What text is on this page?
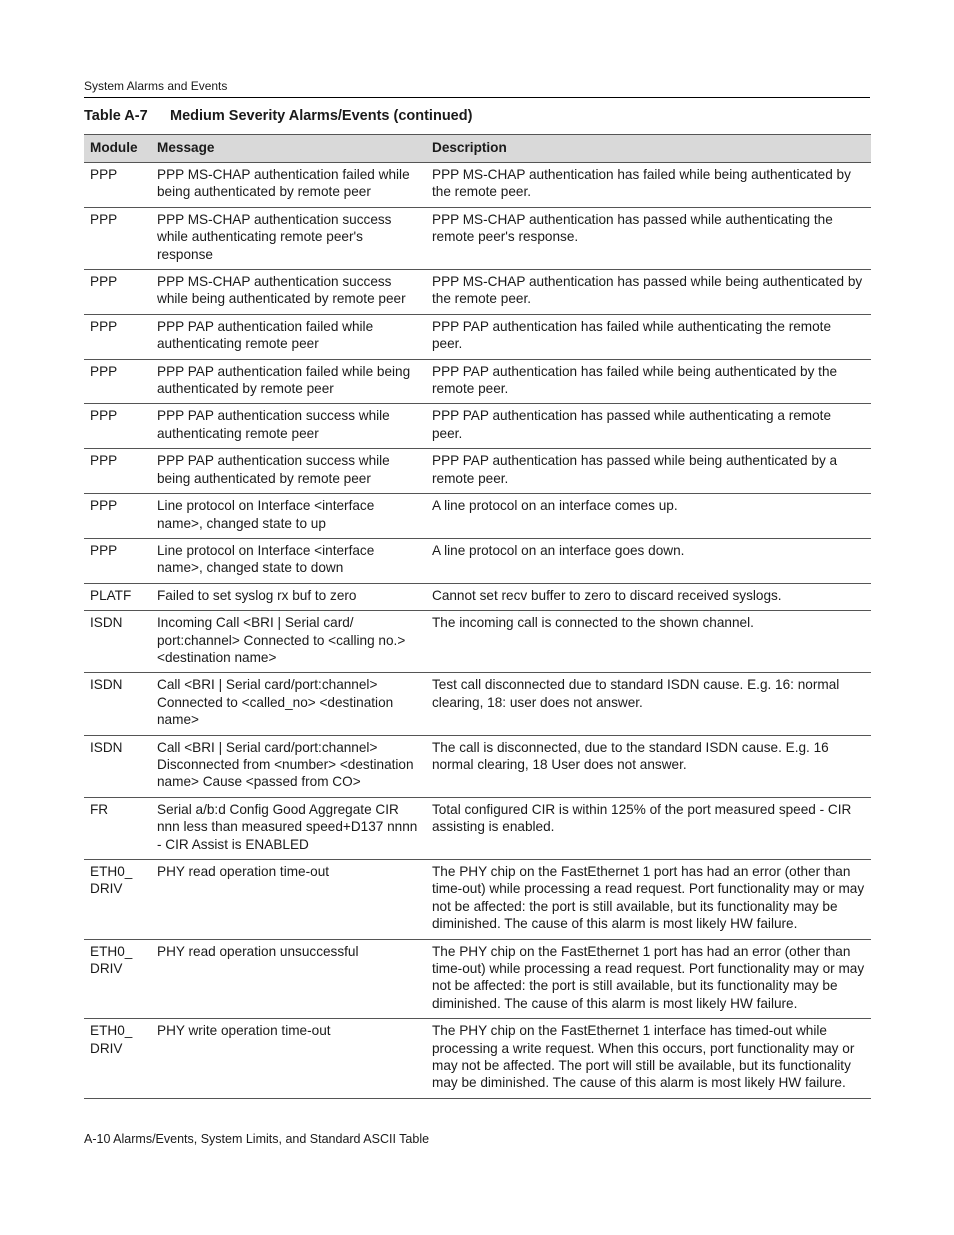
System Alarms and Events
Table A-7 Medium Severity Alarms/Events (continued)
Module	Message	Description
PPP	PPP MS-CHAP authentication failed while being authenticated by remote peer	PPP MS-CHAP authentication has failed while being authenticated by the remote peer.
PPP	PPP MS-CHAP authentication success while authenticating remote peer's response	PPP MS-CHAP authentication has passed while authenticating the remote peer's response.
PPP	PPP MS-CHAP authentication success while being authenticated by remote peer	PPP MS-CHAP authentication has passed while being authenticated by the remote peer.
PPP	PPP PAP authentication failed while authenticating remote peer	PPP PAP authentication has failed while authenticating the remote peer.
PPP	PPP PAP authentication failed while being authenticated by remote peer	PPP PAP authentication has failed while being authenticated by the remote peer.
PPP	PPP PAP authentication success while authenticating remote peer	PPP PAP authentication has passed while authenticating a remote peer.
PPP	PPP PAP authentication success while being authenticated by remote peer	PPP PAP authentication has passed while being authenticated by a remote peer.
PPP	Line protocol on Interface <interface name>, changed state to up	A line protocol on an interface comes up.
PPP	Line protocol on Interface <interface name>, changed state to down	A line protocol on an interface goes down.
PLATF	Failed to set syslog rx buf to zero	Cannot set recv buffer to zero to discard received syslogs.
ISDN	Incoming Call <BRI | Serial card/ port:channel> Connected to <calling no.> <destination name>	The incoming call is connected to the shown channel.
ISDN	Call <BRI | Serial card/port:channel> Connected to <called_no> <destination name>	Test call disconnected due to standard ISDN cause. E.g. 16: normal clearing, 18: user does not answer.
ISDN	Call <BRI | Serial card/port:channel> Disconnected from <number> <destination name> Cause <passed from CO>	The call is disconnected, due to the standard ISDN cause. E.g. 16 normal clearing, 18 User does not answer.
FR	Serial a/b:d Config Good Aggregate CIR nnn less than measured speed+D137 nnnn - CIR Assist is ENABLED	Total configured CIR is within 125% of the port measured speed - CIR assisting is enabled.
ETH0_ DRIV	PHY read operation time-out	The PHY chip on the FastEthernet 1 port has had an error (other than time-out) while processing a read request. Port functionality may or may not be affected: the port is still available, but its functionality may be diminished. The cause of this alarm is most likely HW failure.
ETH0_ DRIV	PHY read operation unsuccessful	The PHY chip on the FastEthernet 1 port has had an error (other than time-out) while processing a read request. Port functionality may or may not be affected: the port is still available, but its functionality may be diminished. The cause of this alarm is most likely HW failure.
ETH0_ DRIV	PHY write operation time-out	The PHY chip on the FastEthernet 1 interface has timed-out while processing a write request. When this occurs, port functionality may or may not be affected. The port will still be available, but its functionality may be diminished. The cause of this alarm is most likely HW failure.
A-10 Alarms/Events, System Limits, and Standard ASCII Table
